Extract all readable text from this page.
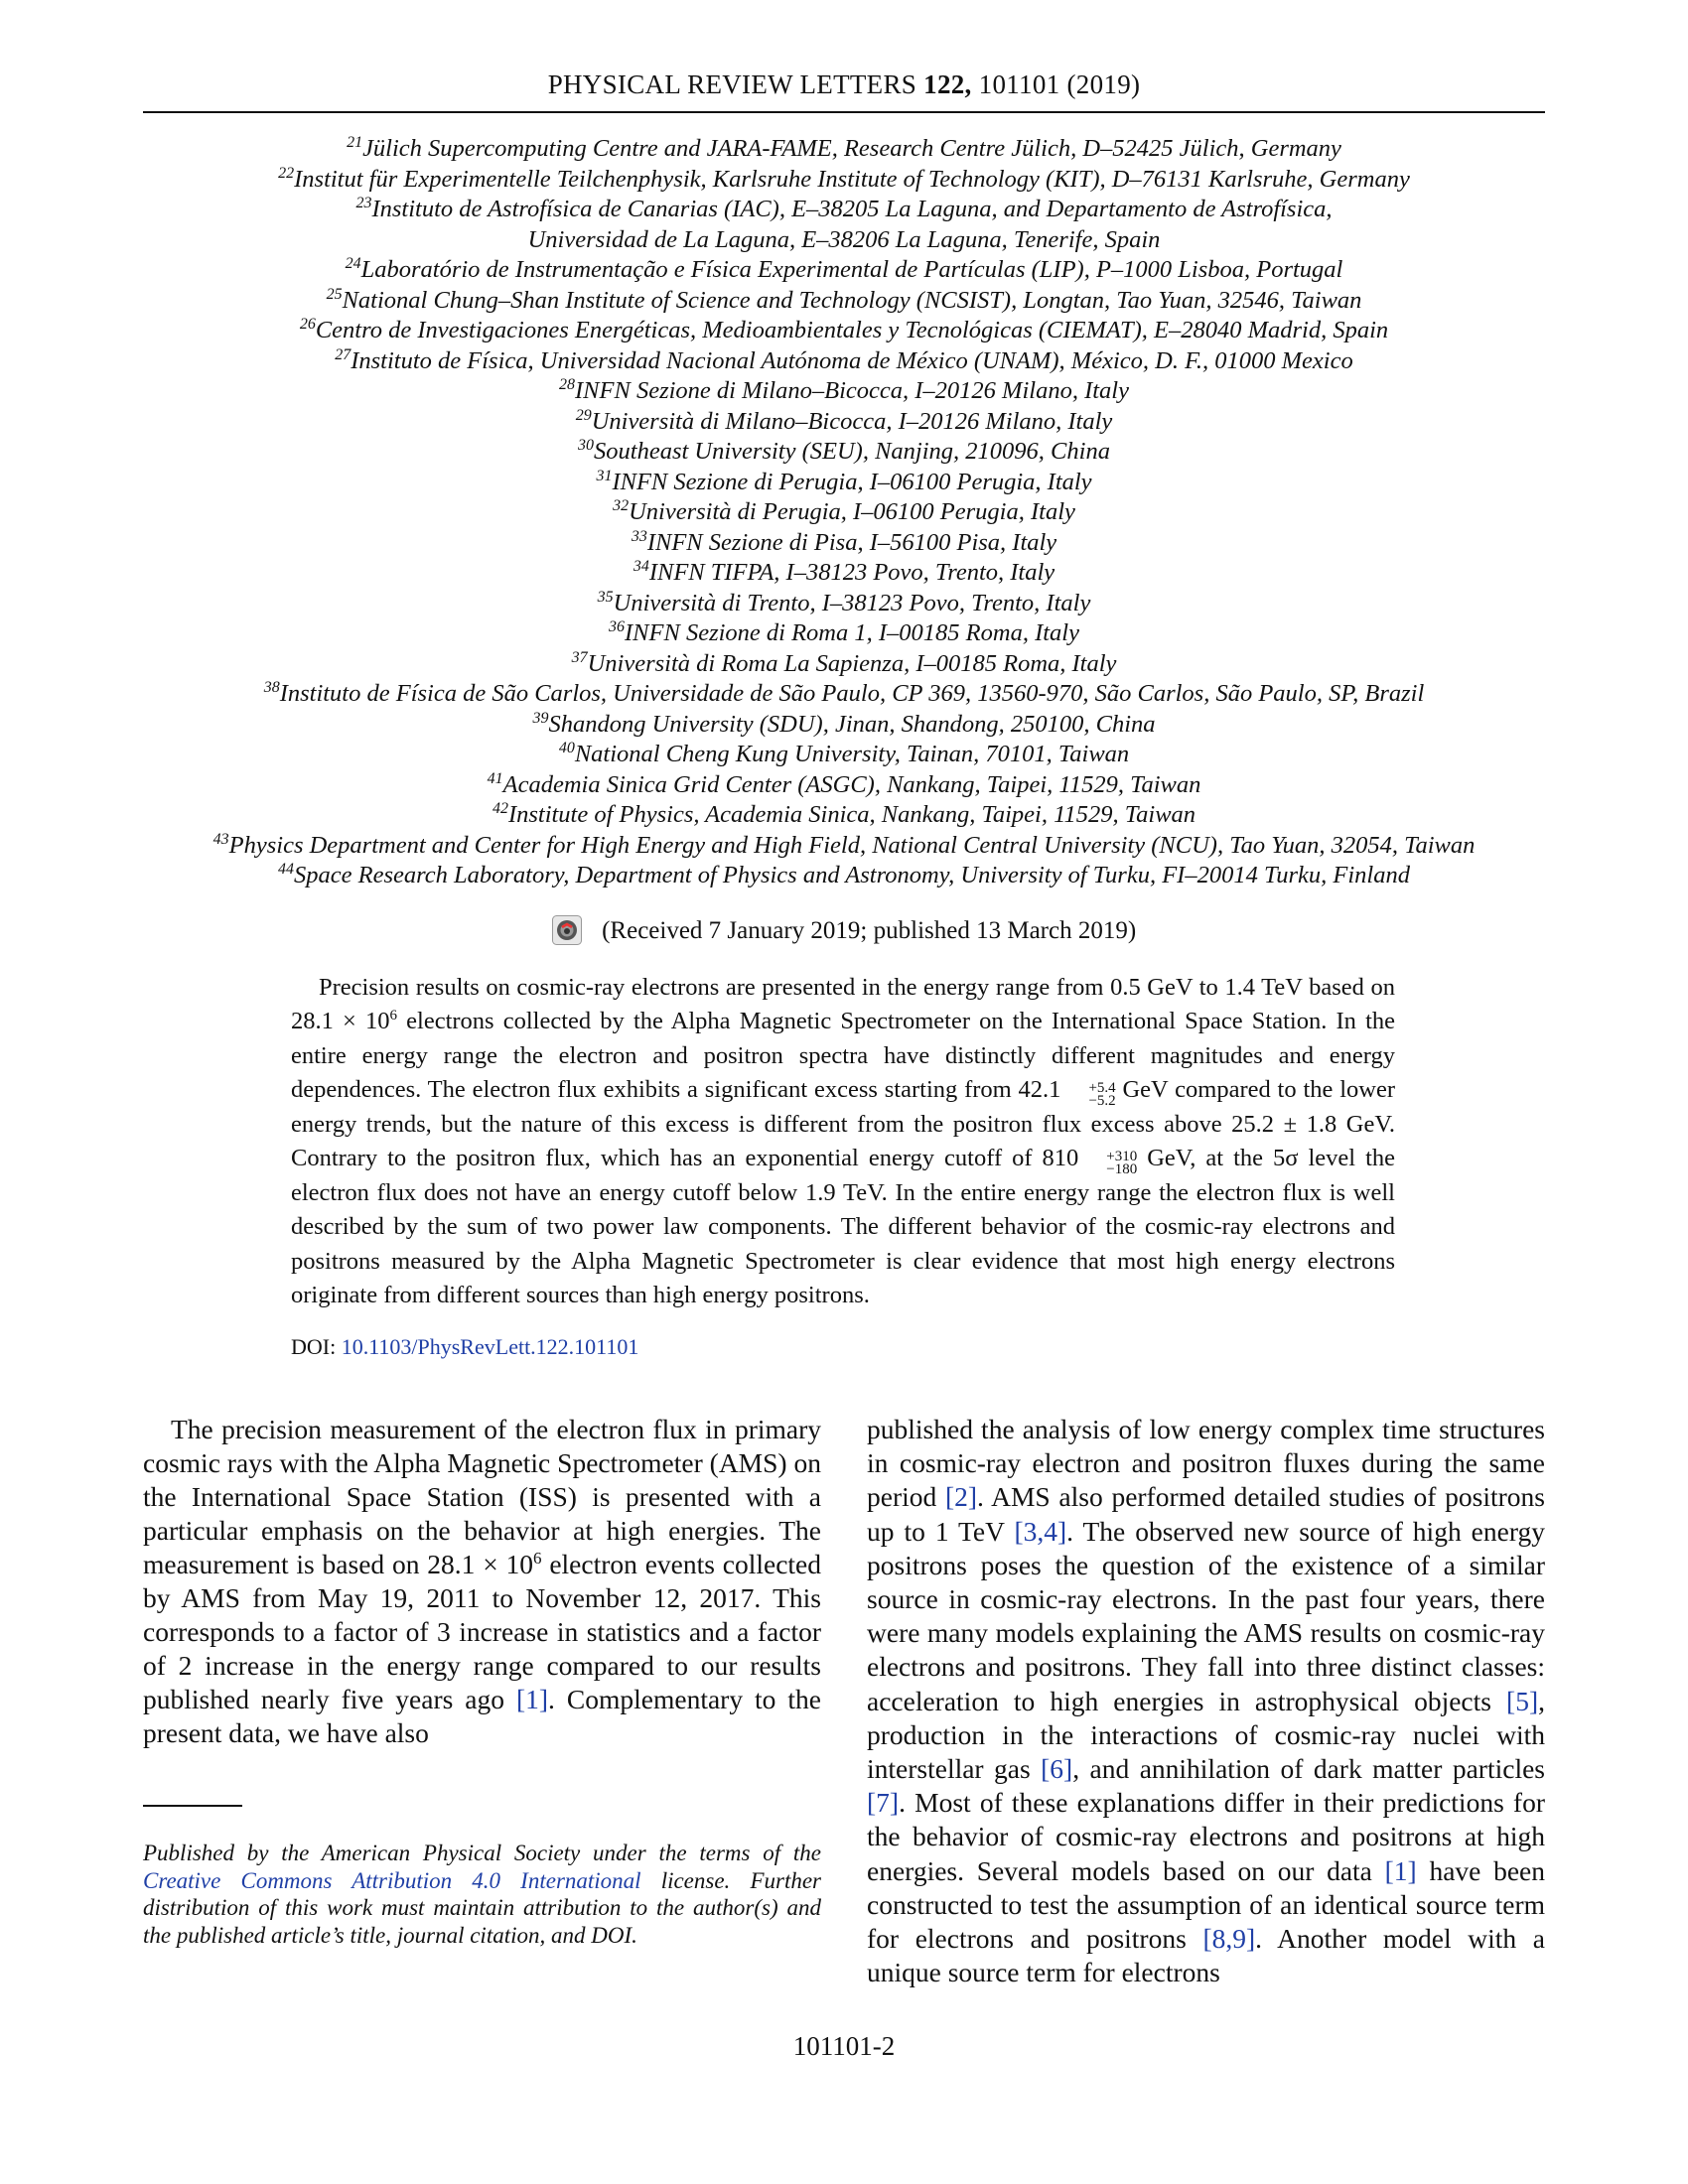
PHYSICAL REVIEW LETTERS 122, 101101 (2019)
$^{21}$Jülich Supercomputing Centre and JARA-FAME, Research Centre Jülich, D–52425 Jülich, Germany
$^{22}$Institut für Experimentelle Teilchenphysik, Karlsruhe Institute of Technology (KIT), D–76131 Karlsruhe, Germany
$^{23}$Instituto de Astrofísica de Canarias (IAC), E–38205 La Laguna, and Departamento de Astrofísica,
Universidad de La Laguna, E–38206 La Laguna, Tenerife, Spain
$^{24}$Laboratório de Instrumentação e Física Experimental de Partículas (LIP), P–1000 Lisboa, Portugal
$^{25}$National Chung–Shan Institute of Science and Technology (NCSIST), Longtan, Tao Yuan, 32546, Taiwan
$^{26}$Centro de Investigaciones Energéticas, Medioambientales y Tecnológicas (CIEMAT), E–28040 Madrid, Spain
$^{27}$Instituto de Física, Universidad Nacional Autónoma de México (UNAM), México, D. F., 01000 Mexico
$^{28}$INFN Sezione di Milano–Bicocca, I–20126 Milano, Italy
$^{29}$Università di Milano–Bicocca, I–20126 Milano, Italy
$^{30}$Southeast University (SEU), Nanjing, 210096, China
$^{31}$INFN Sezione di Perugia, I–06100 Perugia, Italy
$^{32}$Università di Perugia, I–06100 Perugia, Italy
$^{33}$INFN Sezione di Pisa, I–56100 Pisa, Italy
$^{34}$INFN TIFPA, I–38123 Povo, Trento, Italy
$^{35}$Università di Trento, I–38123 Povo, Trento, Italy
$^{36}$INFN Sezione di Roma 1, I–00185 Roma, Italy
$^{37}$Università di Roma La Sapienza, I–00185 Roma, Italy
$^{38}$Instituto de Física de São Carlos, Universidade de São Paulo, CP 369, 13560-970, São Carlos, São Paulo, SP, Brazil
$^{39}$Shandong University (SDU), Jinan, Shandong, 250100, China
$^{40}$National Cheng Kung University, Tainan, 70101, Taiwan
$^{41}$Academia Sinica Grid Center (ASGC), Nankang, Taipei, 11529, Taiwan
$^{42}$Institute of Physics, Academia Sinica, Nankang, Taipei, 11529, Taiwan
$^{43}$Physics Department and Center for High Energy and High Field, National Central University (NCU), Tao Yuan, 32054, Taiwan
$^{44}$Space Research Laboratory, Department of Physics and Astronomy, University of Turku, FI–20014 Turku, Finland
(Received 7 January 2019; published 13 March 2019)
Precision results on cosmic-ray electrons are presented in the energy range from 0.5 GeV to 1.4 TeV based on $28.1 \times 10^6$ electrons collected by the Alpha Magnetic Spectrometer on the International Space Station. In the entire energy range the electron and positron spectra have distinctly different magnitudes and energy dependences. The electron flux exhibits a significant excess starting from 42.1	+5.4
−5.2 GeV compared to the lower energy trends, but the nature of this excess is different from the positron flux excess above 25.2 ± 1.8 GeV. Contrary to the positron flux, which has an exponential energy cutoff of 810	+310
−180 GeV, at the 5σ level the electron flux does not have an energy cutoff below 1.9 TeV. In the entire energy range the electron flux is well described by the sum of two power law components. The different behavior of the cosmic-ray electrons and positrons measured by the Alpha Magnetic Spectrometer is clear evidence that most high energy electrons originate from different sources than high energy positrons.
DOI: 10.1103/PhysRevLett.122.101101
The precision measurement of the electron flux in primary cosmic rays with the Alpha Magnetic Spectrometer (AMS) on the International Space Station (ISS) is presented with a particular emphasis on the behavior at high energies. The measurement is based on $28.1 \times 10^6$ electron events collected by AMS from May 19, 2011 to November 12, 2017. This corresponds to a factor of 3 increase in statistics and a factor of 2 increase in the energy range compared to our results published nearly five years ago [1]. Complementary to the present data, we have also
Published by the American Physical Society under the terms of the Creative Commons Attribution 4.0 International license. Further distribution of this work must maintain attribution to the author(s) and the published article’s title, journal citation, and DOI.
published the analysis of low energy complex time structures in cosmic-ray electron and positron fluxes during the same period [2]. AMS also performed detailed studies of positrons up to 1 TeV [3,4]. The observed new source of high energy positrons poses the question of the existence of a similar source in cosmic-ray electrons. In the past four years, there were many models explaining the AMS results on cosmic-ray electrons and positrons. They fall into three distinct classes: acceleration to high energies in astrophysical objects [5], production in the interactions of cosmic-ray nuclei with interstellar gas [6], and annihilation of dark matter particles [7]. Most of these explanations differ in their predictions for the behavior of cosmic-ray electrons and positrons at high energies. Several models based on our data [1] have been constructed to test the assumption of an identical source term for electrons and positrons [8,9]. Another model with a unique source term for electrons
101101-2
